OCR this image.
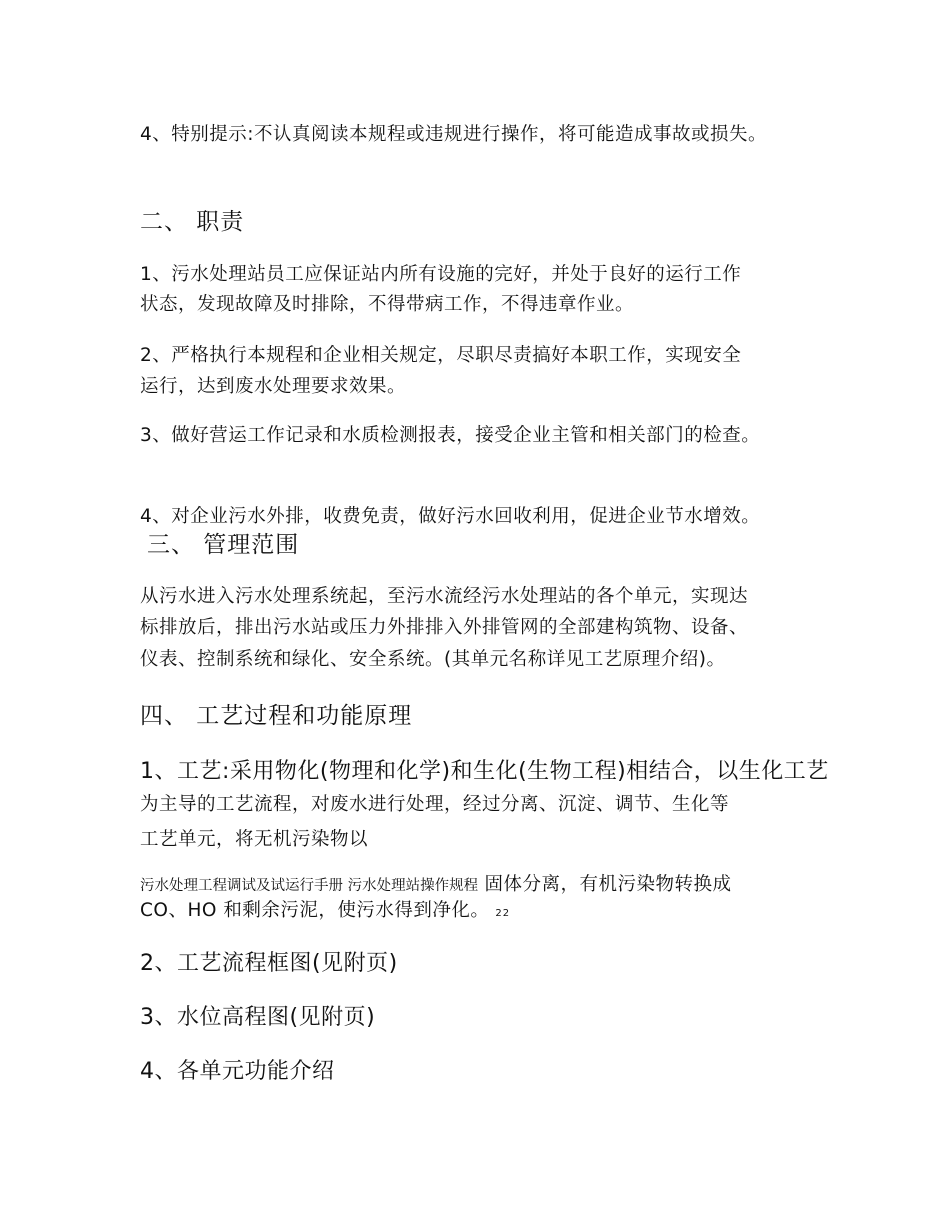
4、特别提示:不认真阅读本规程或违规进行操作，将可能造成事故或损失。
二、 职责
1、污水处理站员工应保证站内所有设施的完好，并处于良好的运行工作
状态，发现故障及时排除，不得带病工作，不得违章作业。
2、严格执行本规程和企业相关规定，尽职尽责搞好本职工作，实现安全
运行，达到废水处理要求效果。
3、做好营运工作记录和水质检测报表，接受企业主管和相关部门的检查。
4、对企业污水外排，收费免责，做好污水回收利用，促进企业节水增效。
三、 管理范围
从污水进入污水处理系统起，至污水流经污水处理站的各个单元，实现达
标排放后，排出污水站或压力外排排入外排管网的全部建构筑物、设备、
仪表、控制系统和绿化、安全系统。(其单元名称详见工艺原理介绍)。
四、 工艺过程和功能原理
1、工艺:采用物化(物理和化学)和生化(生物工程)相结合，以生化工艺
为主导的工艺流程，对废水进行处理，经过分离、沉淀、调节、生化等
工艺单元，将无机污染物以
污水处理工程调试及试运行手册 污水处理站操作规程 固体分离，有机污染物转换成
CO、HO 和剩余污泥，使污水得到净化。 22
2、工艺流程框图(见附页)
3、水位高程图(见附页)
4、各单元功能介绍
